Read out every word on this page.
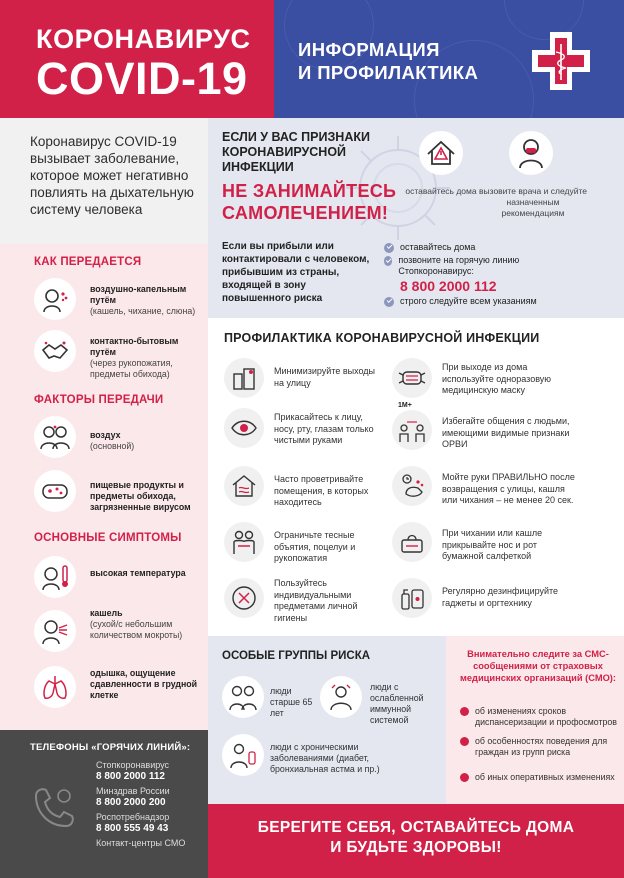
КОРОНАВИРУС
COVID-19
ИНФОРМАЦИЯ
И ПРОФИЛАКТИКА
Коронавирус COVID-19 вызывает заболевание, которое может негативно повлиять на дыхательную систему человека
ЕСЛИ У ВАС ПРИЗНАКИ КОРОНАВИРУСНОЙ ИНФЕКЦИИ
НЕ ЗАНИМАЙТЕСЬ САМОЛЕЧЕНИЕМ!
оставайтесь дома вызовите врача и следуйте назначенным рекомендациям
Если вы прибыли или контактировали с человеком, прибывшим из страны, входящей в зону повышенного риска
оставайтесь дома
позвоните на горячую линию Стопкоронавирус:
8 800 2000 112
строго следуйте всем указаниям
КАК ПЕРЕДАЕТСЯ
воздушно-капельным путём
(кашель, чихание, слюна)
контактно-бытовым путём
(через рукопожатия, предметы обихода)
ФАКТОРЫ ПЕРЕДАЧИ
воздух
(основной)
пищевые продукты и предметы обихода, загрязненные вирусом
ОСНОВНЫЕ СИМПТОМЫ
высокая температура
кашель
(сухой/с небольшим количеством мокроты)
одышка, ощущение сдавленности в грудной клетке
ТЕЛЕФОНЫ «ГОРЯЧИХ ЛИНИЙ»:
Стопкоронавирус
8 800 2000 112
Минздрав России
8 800 2000 200
Роспотребнадзор
8 800 555 49 43
Контакт-центры СМО
ПРОФИЛАКТИКА КОРОНАВИРУСНОЙ ИНФЕКЦИИ
Минимизируйте выходы на улицу
Прикасайтесь к лицу, носу, рту, глазам только чистыми руками
Часто проветривайте помещения, в которых находитесь
Ограничьте тесные объятия, поцелуи и рукопожатия
Пользуйтесь индивидуальными предметами личной гигиены
При выходе из дома используйте одноразовую медицинскую маску
1М+
Избегайте общения с людьми, имеющими видимые признаки ОРВИ
Мойте руки ПРАВИЛЬНО после возвращения с улицы, кашля или чихания – не менее 20 сек.
При чихании или кашле прикрывайте нос и рот бумажной салфеткой
Регулярно дезинфицируйте гаджеты и оргтехнику
ОСОБЫЕ ГРУППЫ РИСКА
люди старше 65 лет
люди с ослабленной иммунной системой
люди с хроническими заболеваниями (диабет, бронхиальная астма и пр.)
Внимательно следите за СМС-сообщениями от страховых медицинских организаций (СМО):
об изменениях сроков диспансеризации и профосмотров
об особенностях поведения для граждан из групп риска
об иных оперативных изменениях
БЕРЕГИТЕ СЕБЯ, ОСТАВАЙТЕСЬ ДОМА
И БУДЬТЕ ЗДОРОВЫ!
